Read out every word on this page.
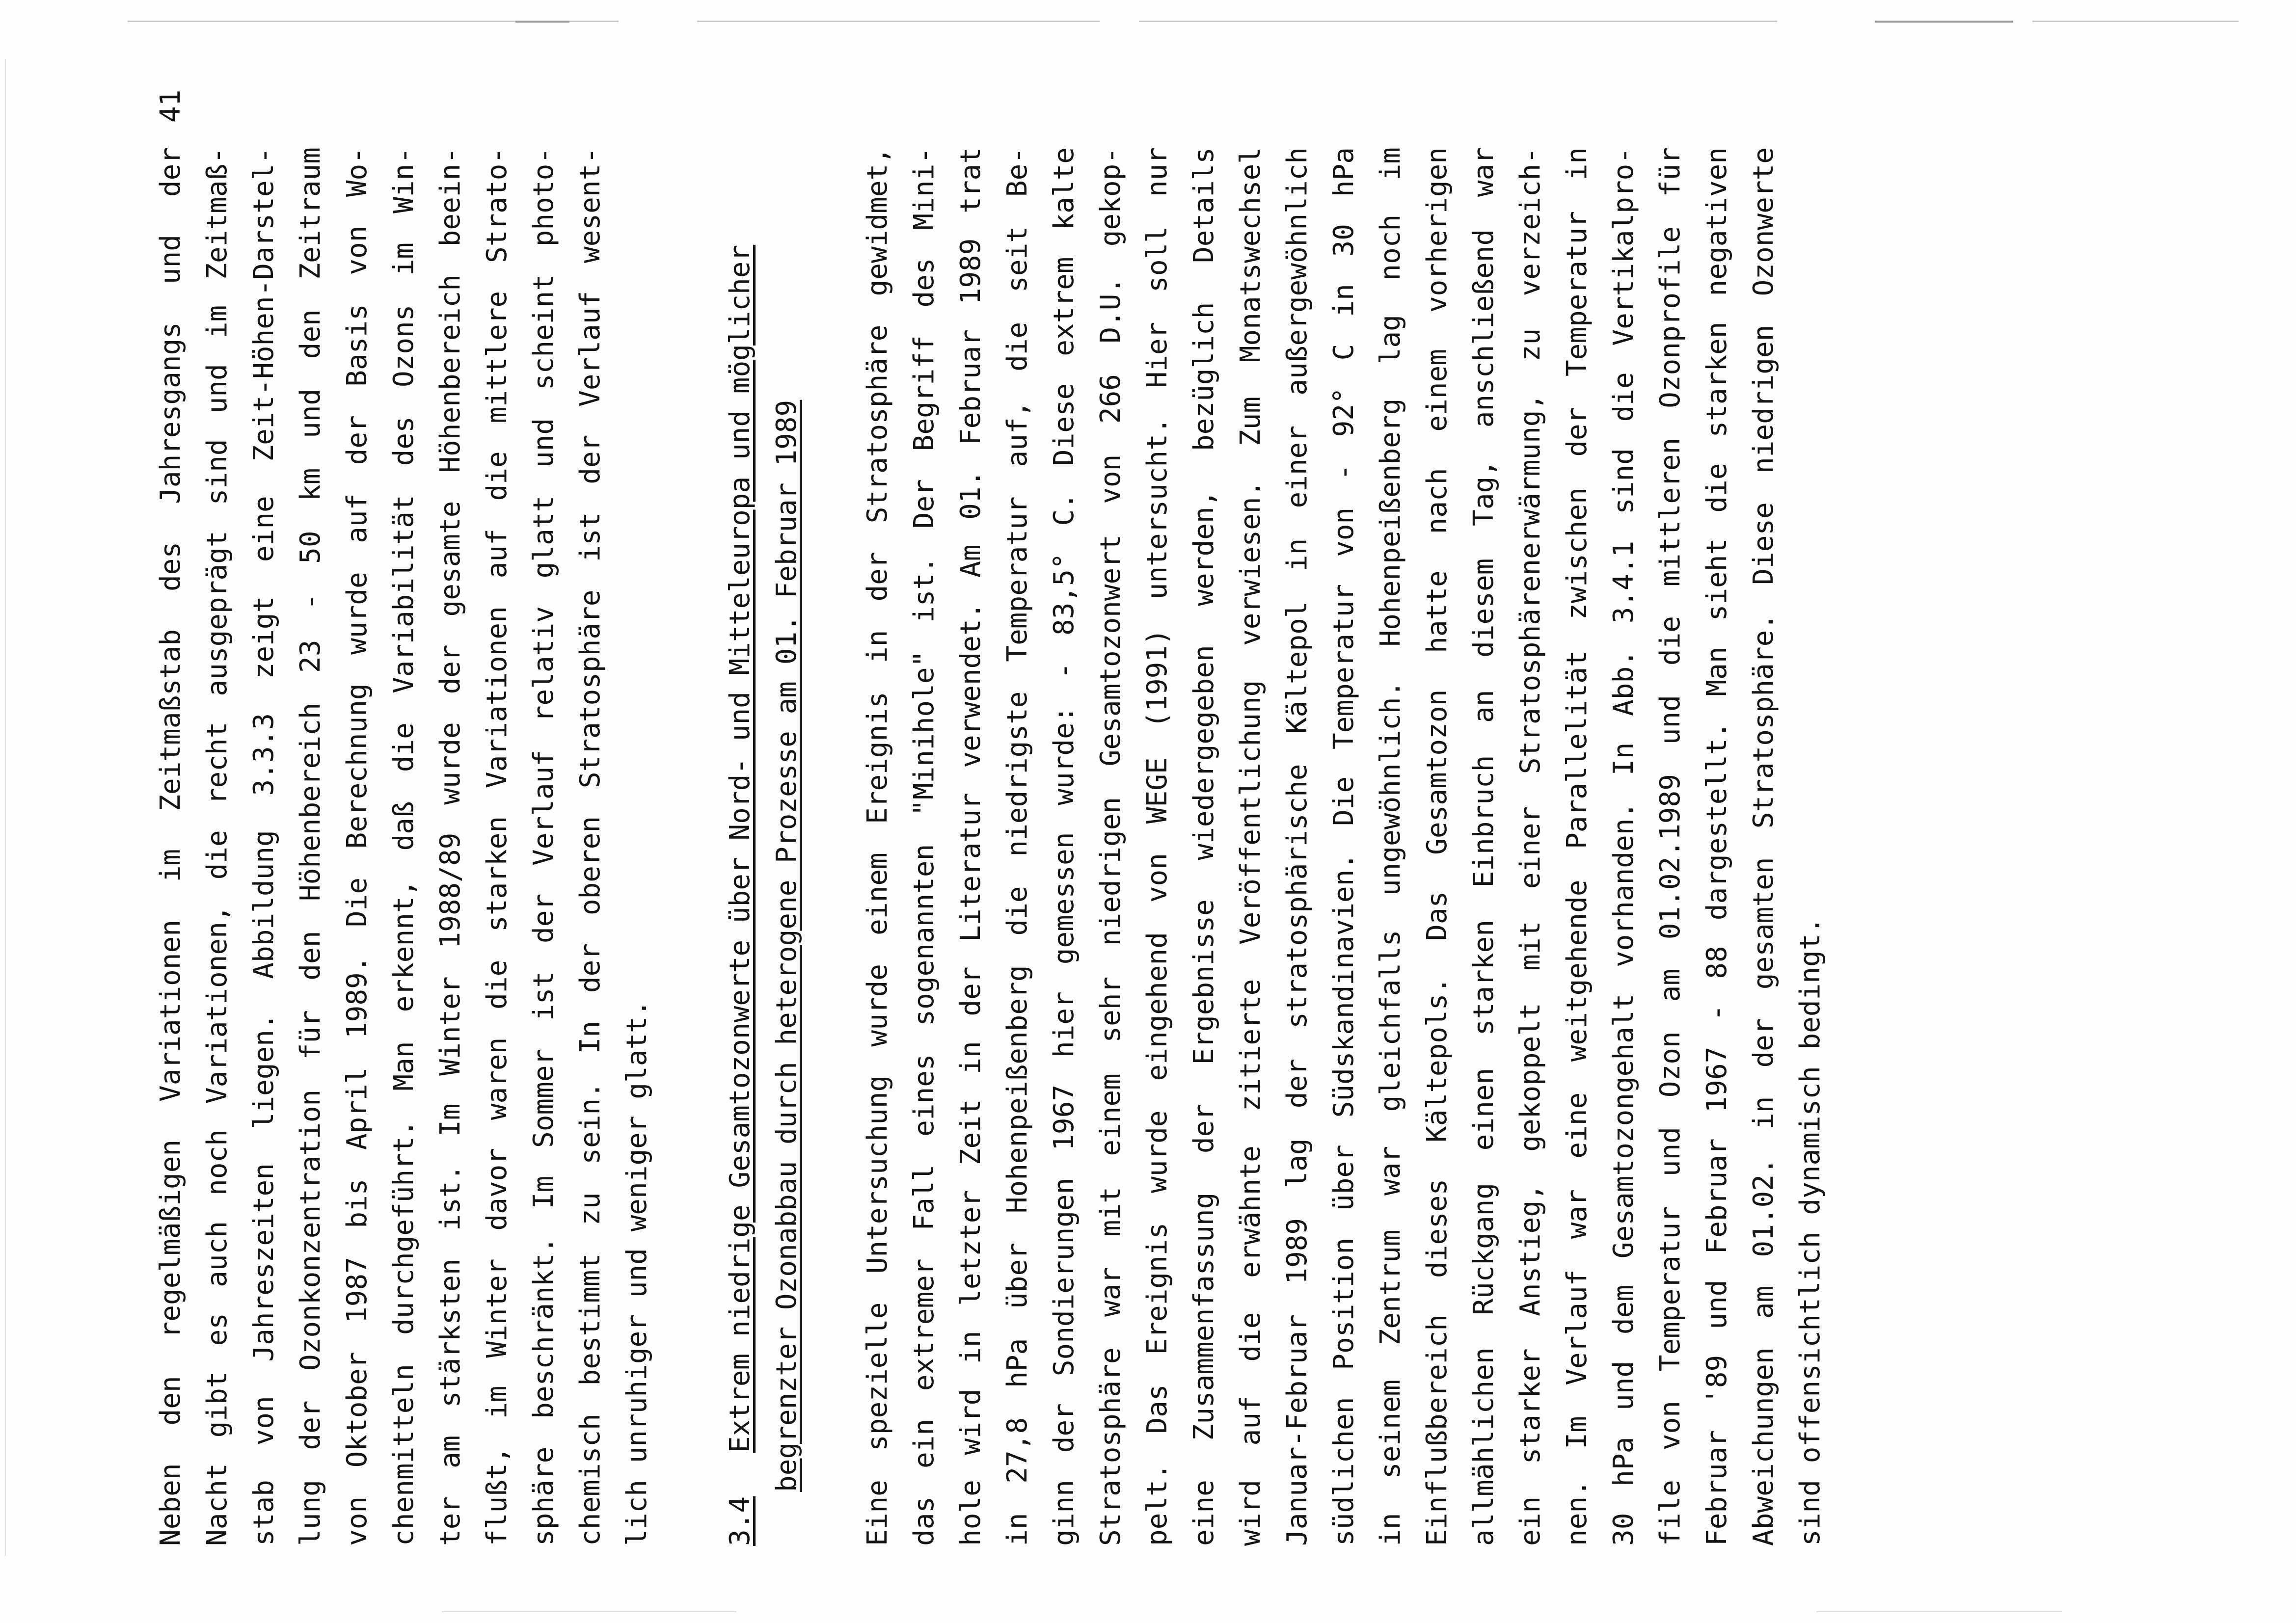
41
Neben den regelmäßigen Variationen im Zeitmaßstab des Jahresgangs und der Nacht gibt es auch noch Variationen, die recht ausgeprägt sind und im Zeitmaß- stab von Jahreszeiten liegen. Abbildung 3.3.3 zeigt eine Zeit-Höhen-Darstel- lung der Ozonkonzentration für den Höhenbereich 23 - 50 km und den Zeitraum von Oktober 1987 bis April 1989. Die Berechnung wurde auf der Basis von Wo- chenmitteln durchgeführt. Man erkennt, daß die Variabilität des Ozons im Win- ter am stärksten ist. Im Winter 1988/89 wurde der gesamte Höhenbereich beein- flußt, im Winter davor waren die starken Variationen auf die mittlere Strato- sphäre beschränkt. Im Sommer ist der Verlauf relativ glatt und scheint photo- chemisch bestimmt zu sein. In der oberen Stratosphäre ist der Verlauf wesent- lich unruhiger und weniger glatt.	3.4Extrem niedrige Gesamtozonwerte über Nord- und Mitteleuropa und möglicher begrenzter Ozonabbau durch heterogene Prozesse am 01. Februar 1989 Eine spezielle Untersuchung wurde einem Ereignis in der Stratosphäre gewidmet, das ein extremer Fall eines sogenannten "Minihole" ist. Der Begriff des Mini- hole wird in letzter Zeit in der Literatur verwendet. Am 01. Februar 1989 trat in 27,8 hPa über Hohenpeißenberg die niedrigste Temperatur auf, die seit Be- ginn der Sondierungen 1967 hier gemessen wurde: - 83,5° C. Diese extrem kalte Stratosphäre war mit einem sehr niedrigen Gesamtozonwert von 266 D.U. gekop- pelt. Das Ereignis wurde eingehend von WEGE (1991) untersucht. Hier soll nur eine Zusammenfassung der Ergebnisse wiedergegeben werden, bezüglich Details wird auf die erwähnte zitierte Veröffentlichung verwiesen. Zum Monatswechsel Januar-Februar 1989 lag der stratosphärische Kältepol in einer außergewöhnlich südlichen Position über Südskandinavien. Die Temperatur von - 92° C in 30 hPa in seinem Zentrum war gleichfalls ungewöhnlich. Hohenpeißenberg lag noch im Einflußbereich dieses Kältepols. Das Gesamtozon hatte nach einem vorherigen allmählichen Rückgang einen starken Einbruch an diesem Tag, anschließend war ein starker Anstieg, gekoppelt mit einer Stratosphärenerwärmung, zu verzeich- nen. Im Verlauf war eine weitgehende Parallelität zwischen der Temperatur in 30 hPa und dem Gesamtozongehalt vorhanden. In Abb. 3.4.1 sind die Vertikalpro- file von Temperatur und Ozon am 01.02.1989 und die mittleren Ozonprofile für Februar '89 und Februar 1967 - 88 dargestellt. Man sieht die starken negativen Abweichungen am 01.02. in der gesamten Stratosphäre. Diese niedrigen Ozonwerte sind offensichtlich dynamisch bedingt.
